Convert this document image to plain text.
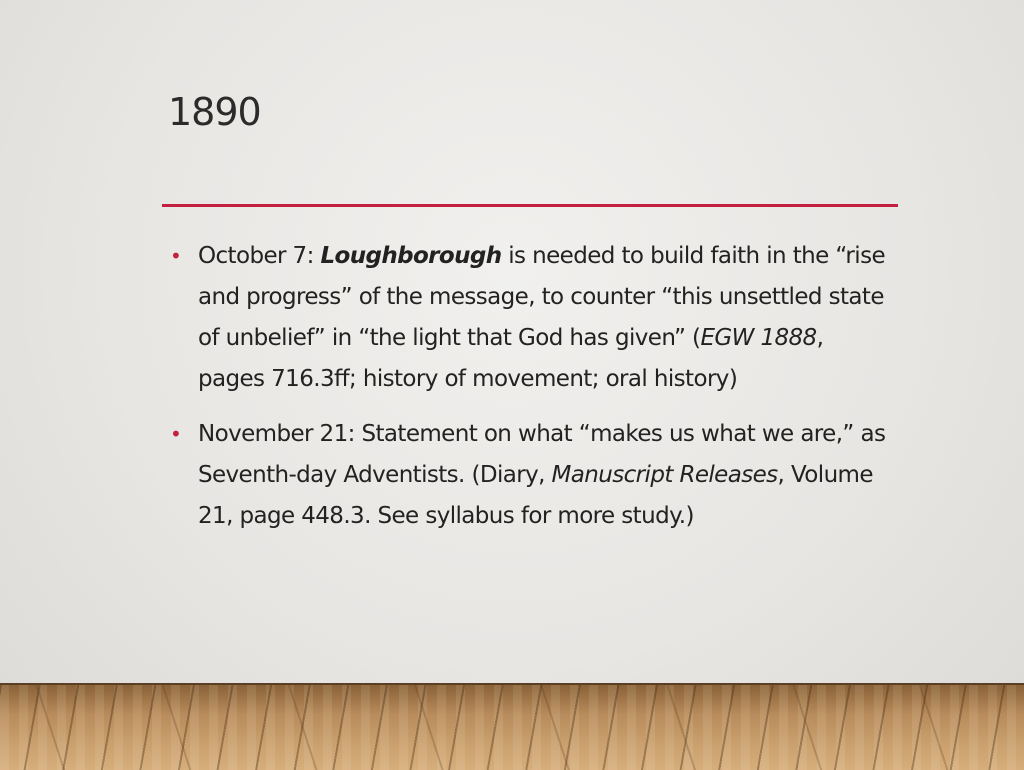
1890
• October 7: Loughborough is needed to build faith in the “rise and progress” of the message, to counter “this unsettled state of unbelief” in “the light that God has given” (EGW 1888, pages 716.3ff; history of movement; oral history)
• November 21: Statement on what “makes us what we are,” as Seventh-day Adventists. (Diary, Manuscript Releases, Volume 21, page 448.3. See syllabus for more study.)
